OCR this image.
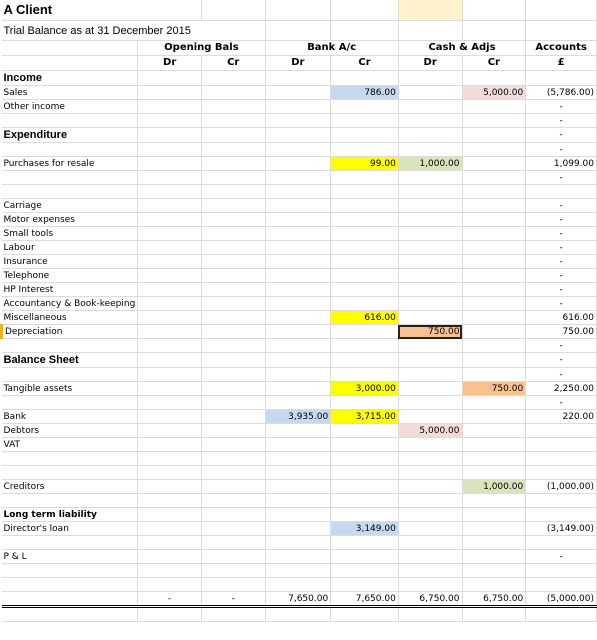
A Client							
Trial Balance as at 31 December 2015							
	Opening Bals		Bank A/c		Cash & Adjs		Accounts
	Dr	Cr	Dr	Cr	Dr	Cr	£
Income							
Sales				786.00		5,000.00	(5,786.00)
Other income							-
							-
Expenditure							-
							-
Purchases for resale				99.00	1,000.00		1,099.00
							-

Carriage							-
Motor expenses							-
Small tools							-
Labour							-
Insurance							-
Telephone							-
HP Interest							-
Accountancy & Book-keeping							-
Miscellaneous				616.00			616.00
Depreciation					750.00		750.00
							-
Balance Sheet							-
							-
Tangible assets				3,000.00		750.00	2,250.00
							-
Bank			3,935.00	3,715.00			220.00
Debtors					5,000.00		
VAT							

Creditors						1,000.00	(1,000.00)

Long term liability							
Director's loan				3,149.00			(3,149.00)

P & L							-

	-	-	7,650.00	7,650.00	6,750.00	6,750.00	(5,000.00)
